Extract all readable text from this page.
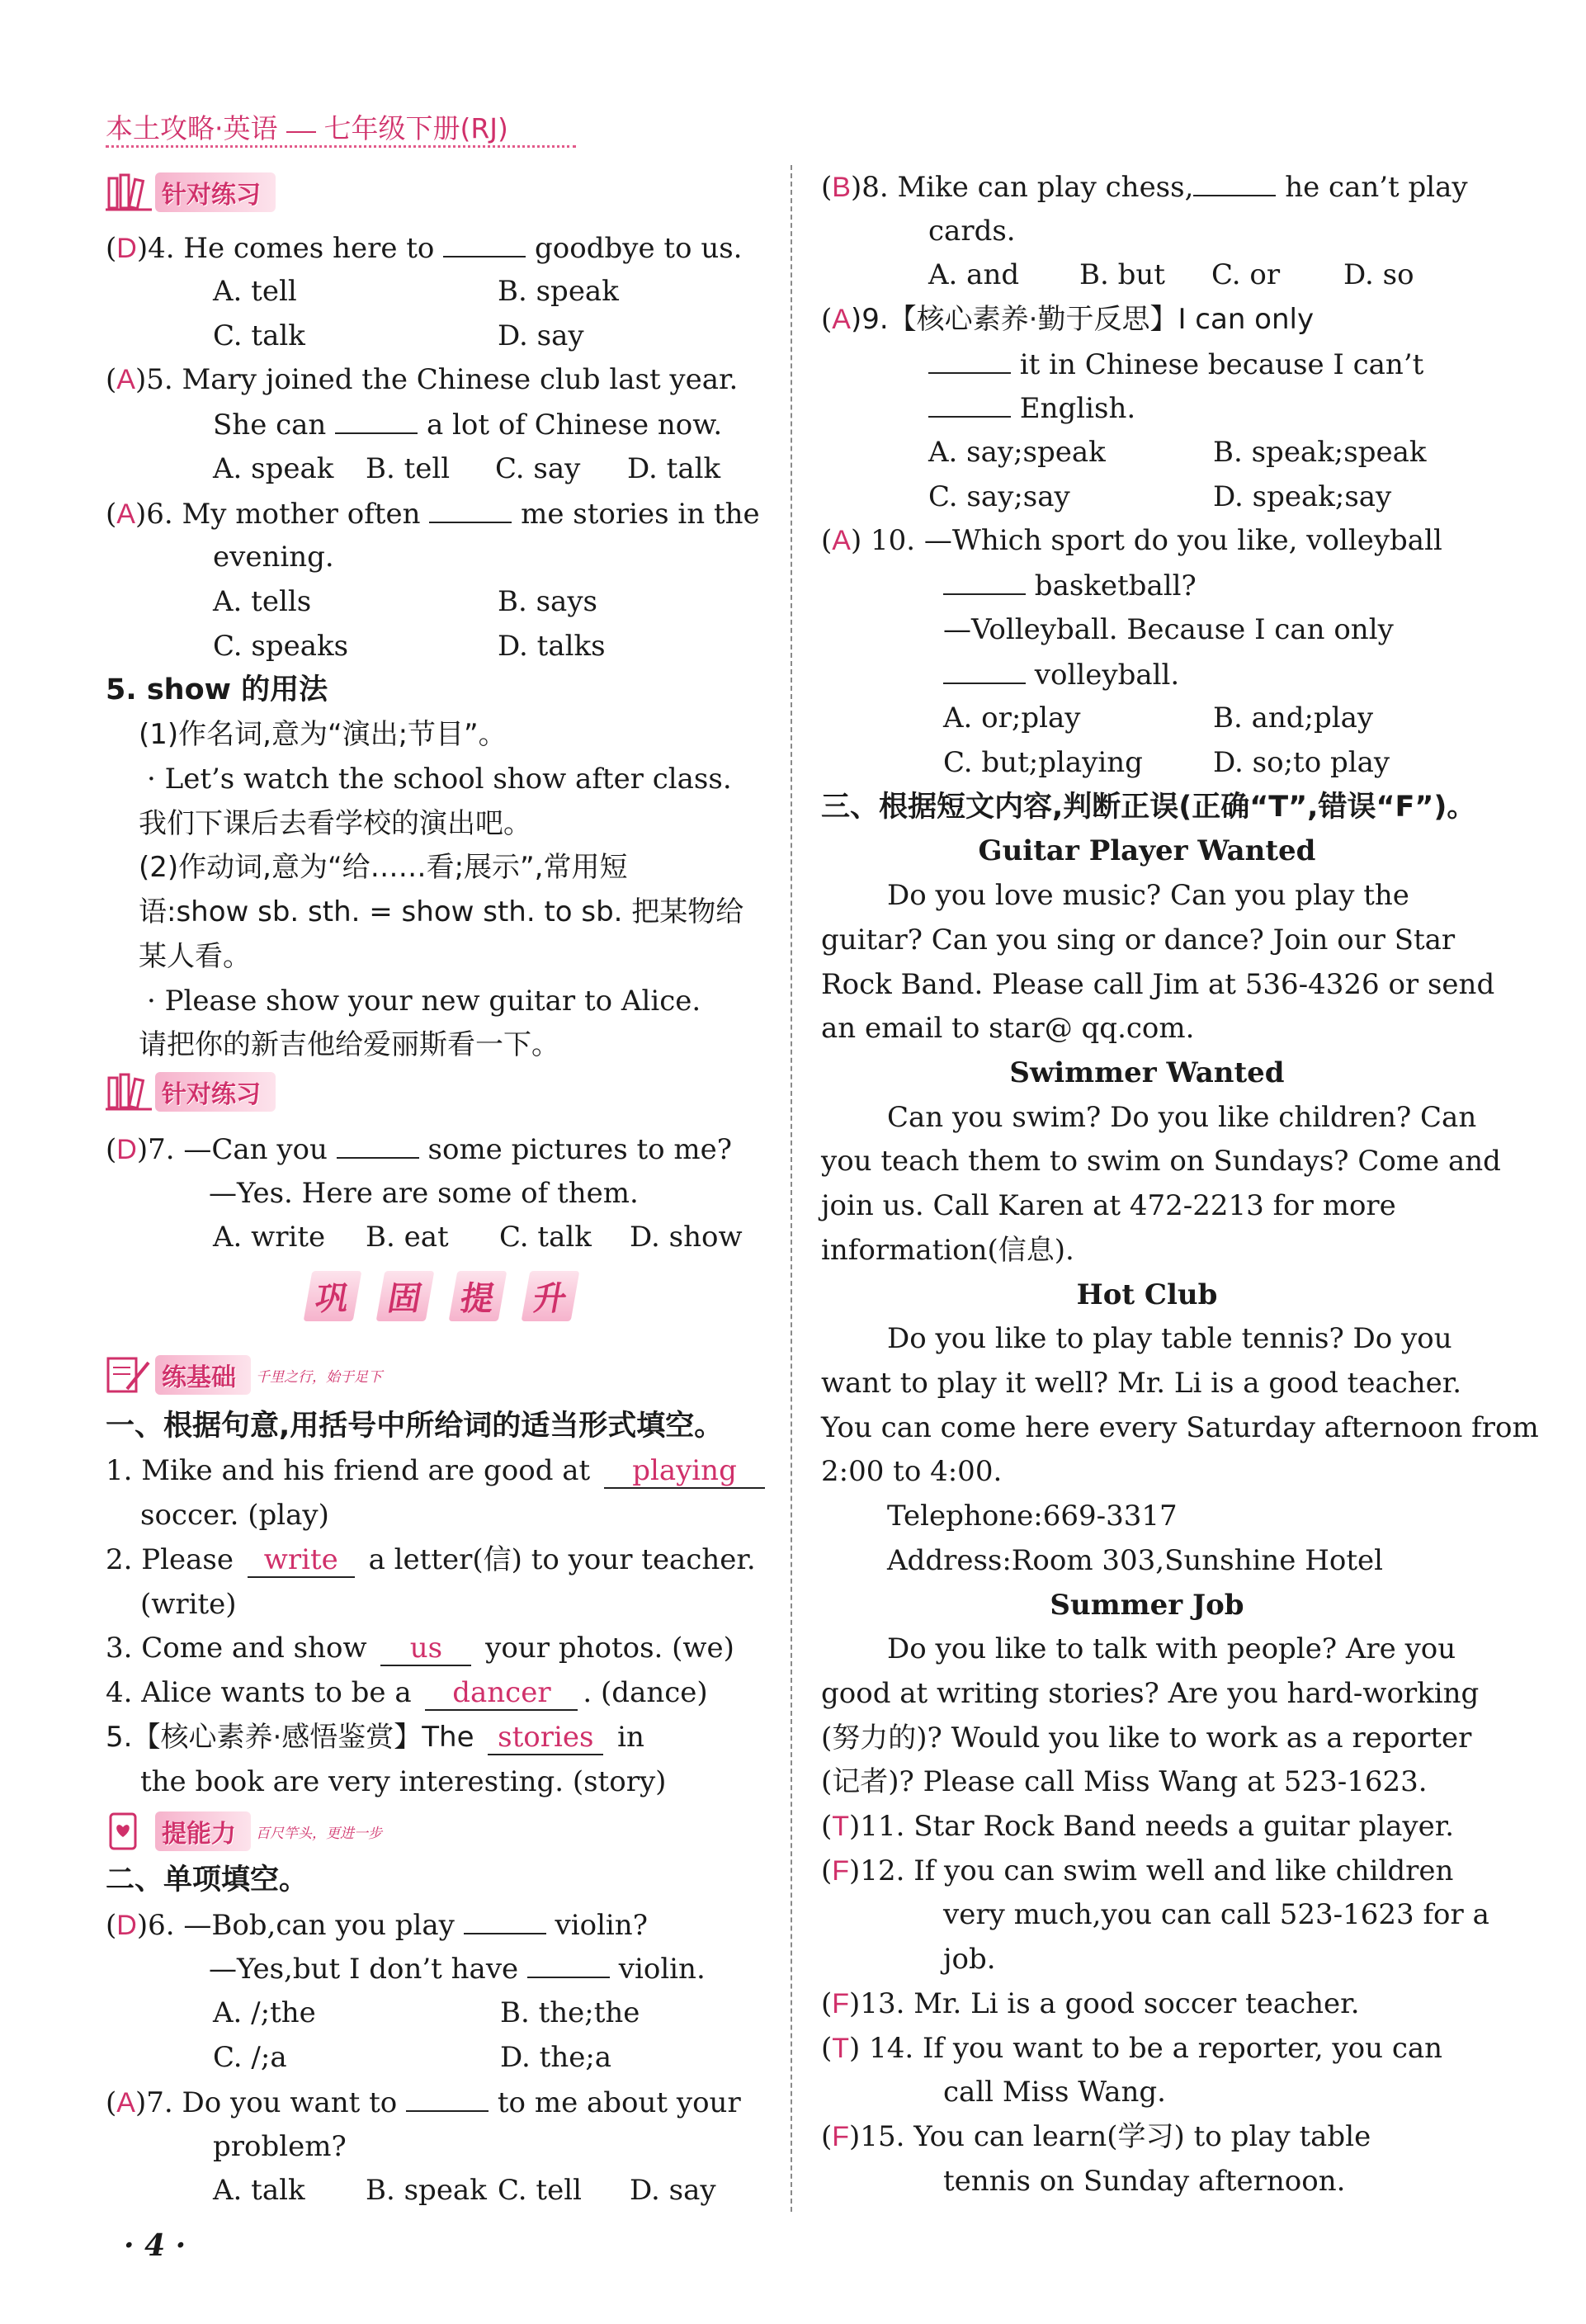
本土攻略·英语 七年级下册(RJ)
针对练习
(D)4. He comes here to	goodbye to us.
A. tell	B. speak
C. talk	D. say
(A)5. Mary joined the Chinese club last year.
She can	a lot of Chinese now.
A. speak B. tell C. say D. talk
(A)6. My mother often	me stories in the
evening.
A. tells	B. says
C. speaks	D. talks
5. show 的用法
(1)作名词,意为“演出;节目”。
· Let’s watch the school show after class.
我们下课后去看学校的演出吧。
(2)作动词,意为“给……看;展示”,常用短
语:show sb. sth. = show sth. to sb. 把某物给
某人看。
· Please show your new guitar to Alice.
请把你的新吉他给爱丽斯看一下。
针对练习
(D)7. —Can you	some pictures to me?
—Yes. Here are some of them.
A. write B. eat C. talk D. show
巩 固 提 升
练基础	千里之行，始于足下
一、根据句意,用括号中所给词的适当形式填空。
1. Mike and his friend are good at playing
soccer. (play)
2. Please write a letter(信) to your teacher.
(write)
3. Come and show us your photos. (we)
4. Alice wants to be a dancer . (dance)
5.【核心素养·感悟鉴赏】The stories in
the book are very interesting. (story)
提能力	百尺竿头，更进一步
二、单项填空。
(D)6. —Bob,can you play	violin?
—Yes,but I don’t have	violin.
A. /;the	B. the;the
C. /;a	D. the;a
(A)7. Do you want to	to me about your
problem?
A. talk B. speak C. tell D. say
(B)8. Mike can play chess,	he can’t play
cards.
A. and B. but C. or D. so
(A)9.【核心素养·勤于反思】I can only
it in Chinese because I can’t
English.
A. say;speak	B. speak;speak
C. say;say	D. speak;say
(A) 10. —Which sport do you like, volleyball
basketball?
—Volleyball. Because I can only
volleyball.
A. or;play	B. and;play
C. but;playing	D. so;to play
三、根据短文内容,判断正误(正确“T”,错误“F”)。
Guitar Player Wanted
Do you love music? Can you play the
guitar? Can you sing or dance? Join our Star
Rock Band. Please call Jim at 536-4326 or send
an email to star@ qq.com.
Swimmer Wanted
Can you swim? Do you like children? Can
you teach them to swim on Sundays? Come and
join us. Call Karen at 472-2213 for more
information(信息).
Hot Club
Do you like to play table tennis? Do you
want to play it well? Mr. Li is a good teacher.
You can come here every Saturday afternoon from
2:00 to 4:00.
Telephone:669-3317
Address:Room 303,Sunshine Hotel
Summer Job
Do you like to talk with people? Are you
good at writing stories? Are you hard-working
(努力的)? Would you like to work as a reporter
(记者)? Please call Miss Wang at 523-1623.
(T)11. Star Rock Band needs a guitar player.
(F)12. If you can swim well and like children
very much,you can call 523-1623 for a
job.
(F)13. Mr. Li is a good soccer teacher.
(T) 14. If you want to be a reporter, you can
call Miss Wang.
(F)15. You can learn(学习) to play table
tennis on Sunday afternoon.
· 4 ·
